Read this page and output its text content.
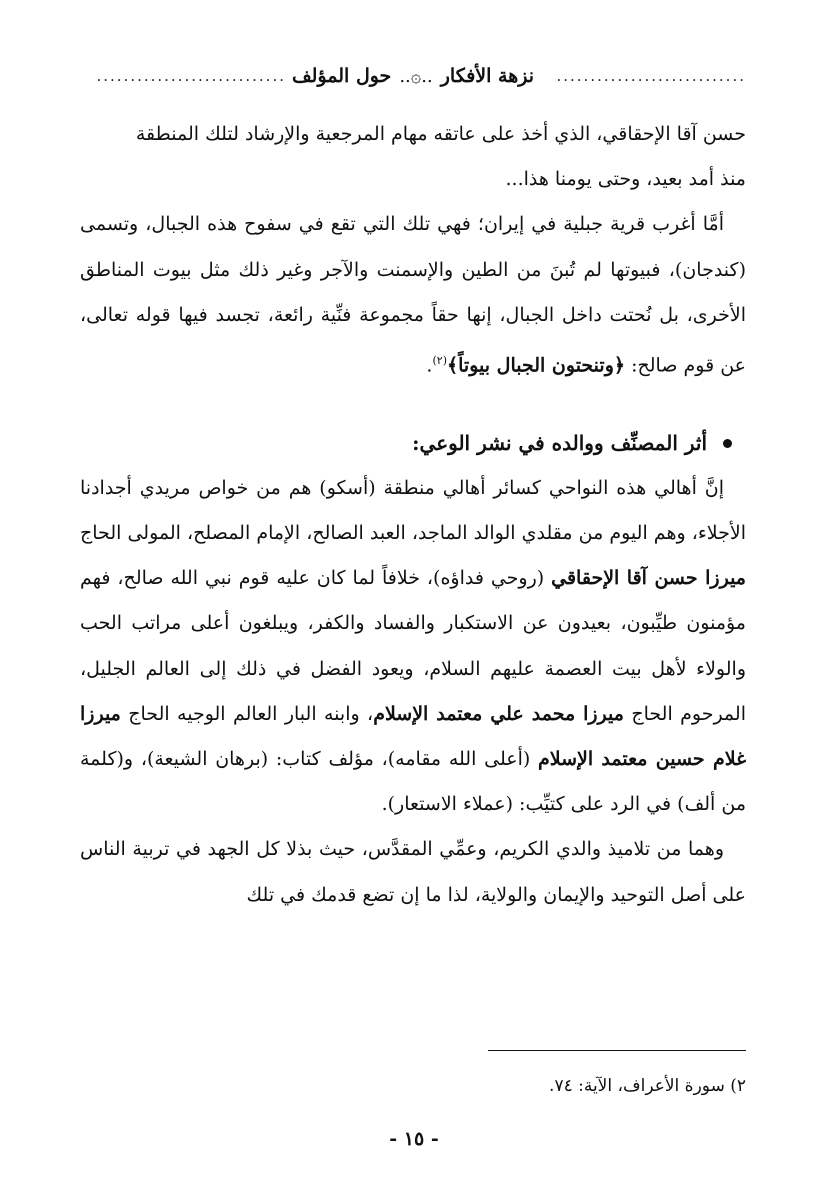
............................
نزهة الأفكار
..۞..
حول المؤلف
............................

حسن آقا الإحقاقي، الذي أخذ على عاتقه مهام المرجعية والإرشاد لتلك المنطقة

منذ أمد بعيد، وحتى يومنا هذا...

أمَّا أغرب قرية جبلية في إيران؛ فهي تلك التي تقع في سفوح هذه الجبال، وتسمى (كندجان)، فبيوتها لم تُبنَ من الطين والإسمنت والآجر وغير ذلك مثل بيوت المناطق الأخرى، بل نُحتت داخل الجبال، إنها حقاً مجموعة فنِّية رائعة، تجسد فيها قوله تعالى، عن قوم صالح: ﴿وتنحتون الجبال بيوتاً﴾$^{(٢)}$.

أثر المصنِّف ووالده في نشر الوعي:

إنَّ أهالي هذه النواحي كسائر أهالي منطقة (أسكو) هم من خواص مريدي أجدادنا الأجلاء، وهم اليوم من مقلدي الوالد الماجد، العبد الصالح، الإمام المصلح، المولى الحاج ميرزا حسن آقا الإحقاقي (روحي فداؤه)، خلافاً لما كان عليه قوم نبي الله صالح، فهم مؤمنون طيِّبون، بعيدون عن الاستكبار والفساد والكفر، ويبلغون أعلى مراتب الحب والولاء لأهل بيت العصمة عليهم السلام، ويعود الفضل في ذلك إلى العالم الجليل، المرحوم الحاج ميرزا محمد علي معتمد الإسلام، وابنه البار العالم الوجيه الحاج ميرزا غلام حسين معتمد الإسلام (أعلى الله مقامه)، مؤلف كتاب: (برهان الشيعة)، و(كلمة من ألف) في الرد على كتيِّب: (عملاء الاستعار).

وهما من تلاميذ والدي الكريم، وعمِّي المقدَّس، حيث بذلا كل الجهد في تربية الناس على أصل التوحيد والإيمان والولاية، لذا ما إن تضع قدمك في تلك

٢) سورة الأعراف، الآية: ٧٤.
- ١٥ -
